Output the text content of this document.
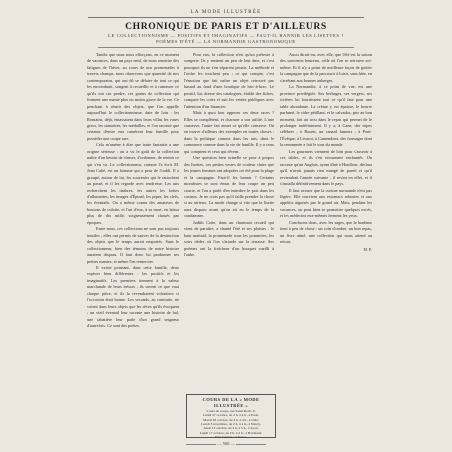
LA MODE ILLUSTRÉE
CHRONIQUE DE PARIS ET D'AILLEURS
LE COLLECTIONNISME — POSITIFS ET IMAGINATIFS — FAUT-IL BANNIR LES LISETTES ?
POÈMES D'ÉTÉ — LA NORMANDIE GASTRONOMIQUE

Tandis que nous nous efforçons, en ce moment de vacances, dans un pays neuf, de nous remettre des fatigues de l'hiver, au cours de nos promenades à travers champs, nous observons que quantité de nos contemporains, qui ont dû se défaire de tout ce qui les encombrait, songent à recueillir et à ramasser ce qu'ils ont cru perdre, ces grains de collection qui forment une manie plus ou moins grave de la vie. Ce penchant à réunir des objets, que l'on appelle aujourd'hui le collectionnisme, date de loin : les Romains, déjà, entassaient dans leurs villas les vases grecs, les statuettes, les médailles, et l'on raconte que certains d'entre eux ruinèrent leur famille pour posséder une coupe rare.

Cela m'amène à dire que toute fantaisie a une origine sérieuse ; on a vu le goût de la collection naître d'un besoin de classer, d'ordonner, de retenir ce qui s'en va. Le collectionneur, comme l'a écrit M. Jean Cabé, est un homme qui a peur de l'oubli. Il a groupé, autour de lui, les souvenirs qui le rattachent au passé, et il les regarde avec tendresse. Les uns recherchent les timbres, les autres les boîtes d'allumettes, les images d'Épinal, les pipes, les clefs, les éventails. On a même connu des amateurs de boutons de culotte, et l'un d'eux, à sa mort, en laissa plus de dix mille, soigneusement classés par époques.

Entre nous, ces collections ne sont pas toujours inutiles ; elles ont permis de sauver de la destruction des objets que le temps aurait emportés. Sans le collectionneur, bien des témoins de notre histoire auraient disparu. Il faut donc lui pardonner ses petites manies, et même l'en remercier.

Il existe pourtant, dans cette famille, deux espèces bien différentes : les positifs et les imaginatifs. Les premiers tiennent à la valeur marchande de leurs trésors ; ils savent ce que vaut chaque pièce, et ils la revendraient volontiers si l'occasion était bonne. Les seconds, au contraire, ne voient dans leurs objets que les rêves qu'ils évoquent ; un vieil éventail leur raconte une histoire de bal, une tabatière leur parle d'un grand seigneur d'autrefois. Ce sont des poètes.

Pour eux, la collection n'est qu'un prétexte à songerie. Ils y mettent un peu de leur âme, et c'est pourquoi ils ne s'en séparent jamais. La méthode et l'ordre les touchent peu ; ce qui compte, c'est l'émotion que fait naître un objet retrouvé par hasard au fond d'une boutique de bric-à-brac. Le positif, lui, dresse des catalogues, établit des fiches, compare les cotes et suit les ventes publiques avec l'attention d'un financier.

Mais à quoi bon opposer ces deux races ? Elles se complètent, et chacune a son utilité. L'une conserve, l'autre fait aimer ce qu'elle conserve. On en trouve d'ailleurs des exemples en toutes choses : dans la politique comme dans les arts, dans le commerce comme dans la vie de famille. Il y a ceux qui comptent et ceux qui rêvent.

Une question bien actuelle se pose à propos des lisettes, ces petites vestes de couleur claire que les jeunes femmes ont adoptées cet été pour la plage et la campagne. Faut-il les bannir ? Certains moralistes se sont émus de leur coupe un peu courte, et l'on a parlé d'en interdire le port dans les casinos. Je ne crois pas qu'il faille prendre la chose si au sérieux. La mode change si vite que la lisette aura disparu avant qu'on ait eu le temps de la condamner.

Judith Cotte, dans un charmant recueil qui vient de paraître, a chanté l'été et ses plaisirs : le bain matinal, la promenade sous les pommiers, les soirs tièdes où l'on s'attarde sur la terrasse. Ses poèmes ont la fraîcheur d'un bouquet cueilli à l'aube.

Aussi dirait-on, avec elle, que l'été est la saison des souvenirs heureux, celle où l'on se retrouve soi-même. Et il n'y a point de meilleure façon de goûter la campagne que de la parcourir à loisir, sans hâte, en s'arrêtant aux bonnes auberges.

La Normandie, à ce point de vue, est une province privilégiée. Ses herbages, ses vergers, ses rivières lui fournissent tout ce qu'il faut pour une table abondante. La crème y est épaisse, le beurre parfumé, le cidre pétillant, et le calvados, pris au bon moment, fait un trou dans le repas qui permet de le prolonger indéfiniment. Il y a, à Caen, des tripes célèbres ; à Rouen, un canard fameux ; à Pont-l'Évêque, à Livarot, à Camembert, des fromages dont la renommée a fait le tour du monde.

Les gourmets viennent de loin pour s'asseoir à ces tables, et ils s'en retournent enchantés. On raconte qu'un Anglais, ayant dîné à Honfleur, déclara qu'il n'avait jamais rien mangé de pareil et qu'il reviendrait l'année suivante ; il revint en effet, et il s'installa définitivement dans le pays.

Il faut avouer que la cuisine normande n'est pas légère. Elle convient aux estomacs robustes et aux appétits aiguisés par le grand air. Mais, pendant les vacances, on peut bien se permettre quelques excès, et les médecins eux-mêmes ferment les yeux.

Concluons donc, avec les sages, que le bonheur tient à peu de chose : un coin d'ombre, un bon repas, un livre aimé, une collection qui nous attend au retour.

H. P.

COURS DE LA « MODE ILLUSTRÉE »
Cours de coupe, rue Saint-Roch, 9.
Lundi 27 octobre, de 2 h. à 4 h., à Paris.
Mardi 28 octobre, de 2 h. à 4 h., à Lille.
Lundi 3 novembre, de 2 h. à 4 h., à Nancy.
Jeudi 13 octobre, de 2 h. à 5 h., à Lyon.
Lundi 17 octobre, de 2 h. à 4 h., à Bordeaux.
Prix d'entrée : 2 francs.
— 560 —
